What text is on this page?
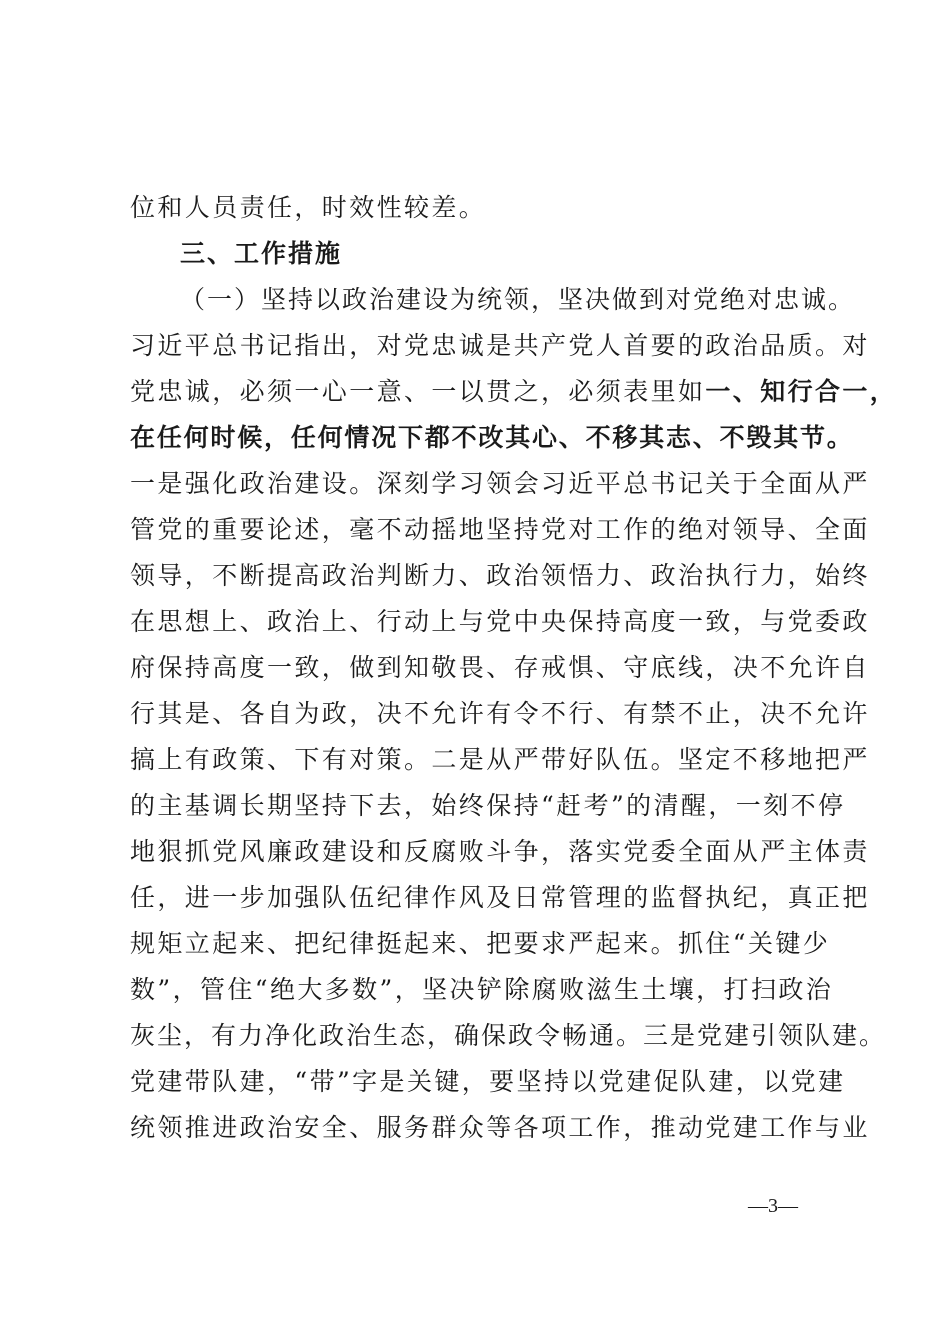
位和人员责任，时效性较差。
三、工作措施
（一）坚持以政治建设为统领，坚决做到对党绝对忠诚。
习近平总书记指出，对党忠诚是共产党人首要的政治品质。对
党忠诚，必须一心一意、一以贯之，必须表里如一、知行合一，
在任何时候，任何情况下都不改其心、不移其志、不毁其节。
一是强化政治建设。深刻学习领会习近平总书记关于全面从严
管党的重要论述，毫不动摇地坚持党对工作的绝对领导、全面
领导，不断提高政治判断力、政治领悟力、政治执行力，始终
在思想上、政治上、行动上与党中央保持高度一致，与党委政
府保持高度一致，做到知敬畏、存戒惧、守底线，决不允许自
行其是、各自为政，决不允许有令不行、有禁不止，决不允许
搞上有政策、下有对策。二是从严带好队伍。坚定不移地把严
的主基调长期坚持下去，始终保持“赶考”的清醒，一刻不停
地狠抓党风廉政建设和反腐败斗争，落实党委全面从严主体责
任，进一步加强队伍纪律作风及日常管理的监督执纪，真正把
规矩立起来、把纪律挺起来、把要求严起来。抓住“关键少
数”，管住“绝大多数”，坚决铲除腐败滋生土壤，打扫政治
灰尘，有力净化政治生态，确保政令畅通。三是党建引领队建。
党建带队建，“带”字是关键，要坚持以党建促队建，以党建
统领推进政治安全、服务群众等各项工作，推动党建工作与业
—3—
